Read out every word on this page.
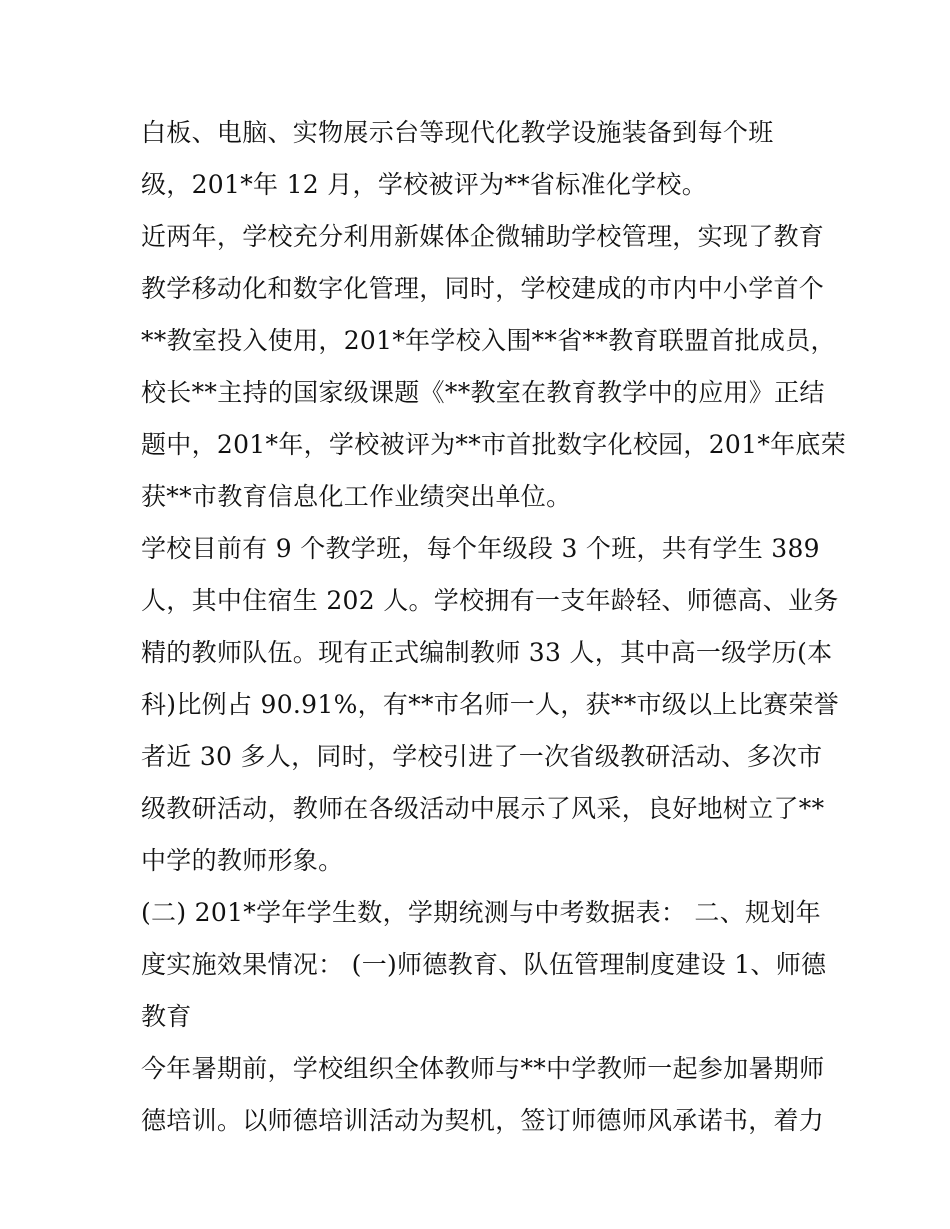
白板、电脑、实物展示台等现代化教学设施装备到每个班
级，201*年 12 月，学校被评为**省标准化学校。
近两年，学校充分利用新媒体企微辅助学校管理，实现了教育
教学移动化和数字化管理，同时，学校建成的市内中小学首个
**教室投入使用，201*年学校入围**省**教育联盟首批成员，
校长**主持的国家级课题《**教室在教育教学中的应用》正结
题中，201*年，学校被评为**市首批数字化校园，201*年底荣
获**市教育信息化工作业绩突出单位。
学校目前有 9 个教学班，每个年级段 3 个班，共有学生 389
人，其中住宿生 202 人。学校拥有一支年龄轻、师德高、业务
精的教师队伍。现有正式编制教师 33 人，其中高一级学历(本
科)比例占 90.91%，有**市名师一人，获**市级以上比赛荣誉
者近 30 多人，同时，学校引进了一次省级教研活动、多次市
级教研活动，教师在各级活动中展示了风采，良好地树立了**
中学的教师形象。
(二) 201*学年学生数，学期统测与中考数据表： 二、规划年
度实施效果情况： (一)师德教育、队伍管理制度建设 1、师德
教育
今年暑期前，学校组织全体教师与**中学教师一起参加暑期师
德培训。以师德培训活动为契机，签订师德师风承诺书，着力
